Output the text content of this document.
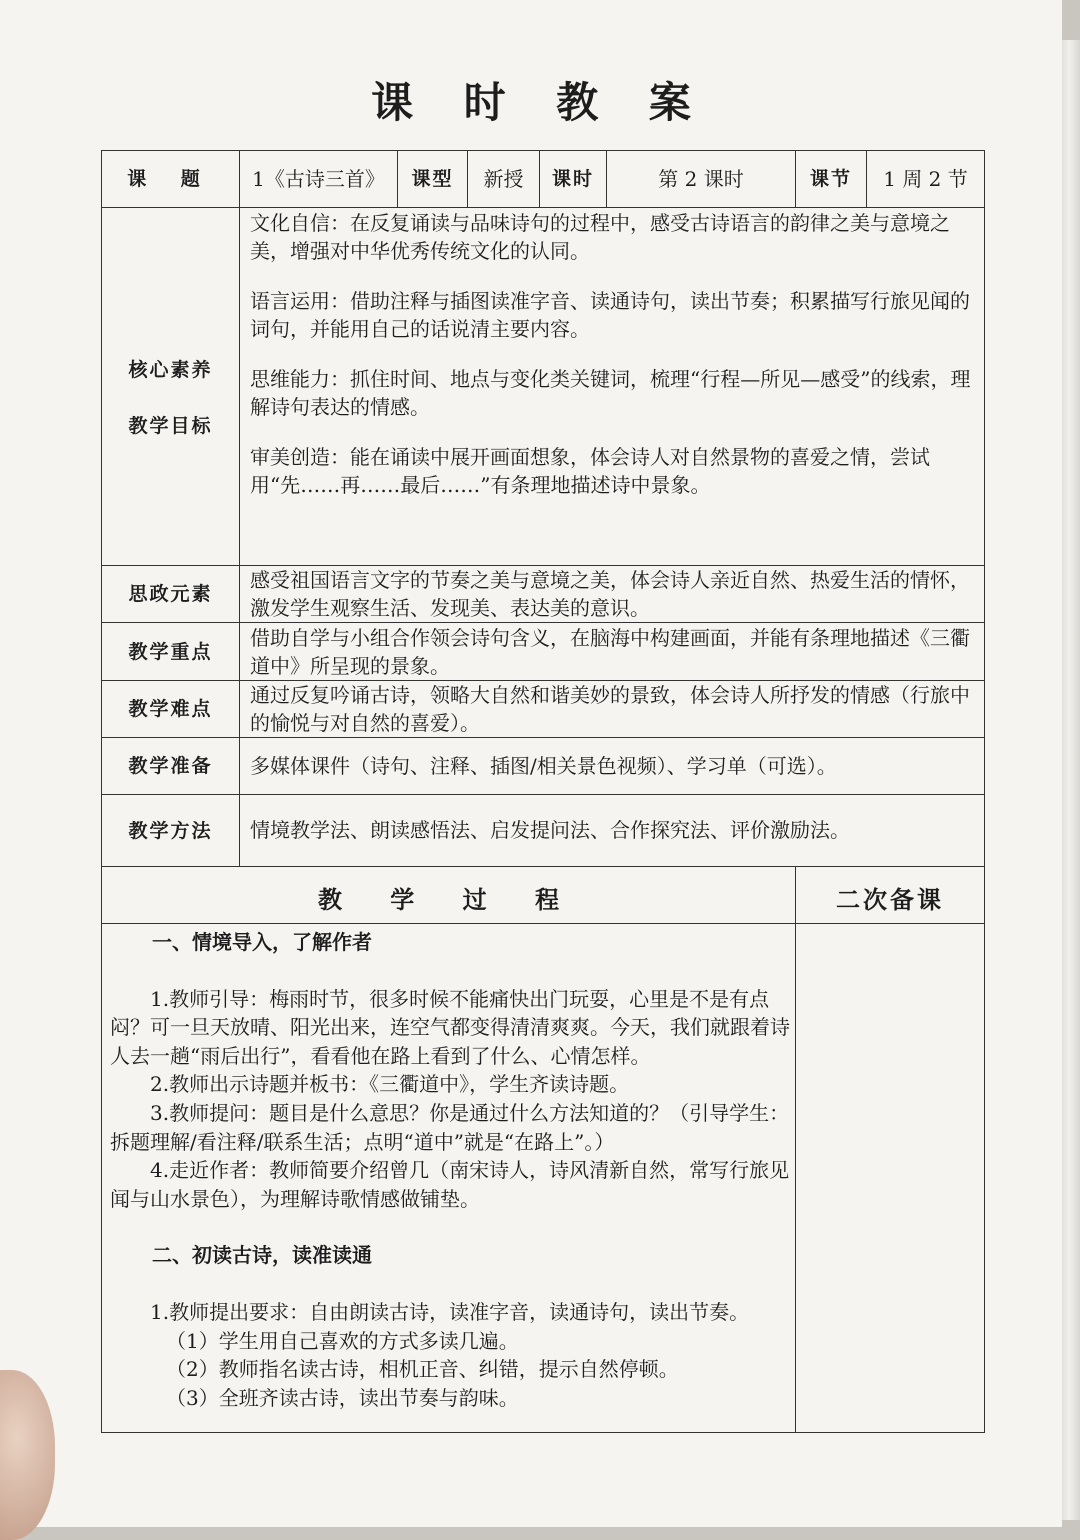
课 时 教 案
课 题	1《古诗三首》	课型	新授	课时	第 2 课时	课节	1 周 2 节
核心素养
教学目标

文化自信：在反复诵读与品味诗句的过程中，感受古诗语言的韵律之美与意境之美，增强对中华优秀传统文化的认同。

语言运用：借助注释与插图读准字音、读通诗句，读出节奏；积累描写行旅见闻的词句，并能用自己的话说清主要内容。

思维能力：抓住时间、地点与变化类关键词，梳理“行程—所见—感受”的线索，理解诗句表达的情感。

审美创造：能在诵读中展开画面想象，体会诗人对自然景物的喜爱之情，尝试用“先……再……最后……”有条理地描述诗中景象。

思政元素
感受祖国语言文字的节奏之美与意境之美，体会诗人亲近自然、热爱生活的情怀，激发学生观察生活、发现美、表达美的意识。
教学重点
借助自学与小组合作领会诗句含义，在脑海中构建画面，并能有条理地描述《三衢道中》所呈现的景象。
教学难点
通过反复吟诵古诗，领略大自然和谐美妙的景致，体会诗人所抒发的情感（行旅中的愉悦与对自然的喜爱）。
教学准备	多媒体课件（诗句、注释、插图/相关景色视频）、学习单（可选）。
教学方法	情境教学法、朗读感悟法、启发提问法、合作探究法、评价激励法。
教 学 过 程	二次备课
一、情境导入，了解作者
1.教师引导：梅雨时节，很多时候不能痛快出门玩耍，心里是不是有点闷？可一旦天放晴、阳光出来，连空气都变得清清爽爽。今天，我们就跟着诗人去一趟“雨后出行”，看看他在路上看到了什么、心情怎样。
2.教师出示诗题并板书：《三衢道中》，学生齐读诗题。
3.教师提问：题目是什么意思？你是通过什么方法知道的？（引导学生：拆题理解/看注释/联系生活；点明“道中”就是“在路上”。）
4.走近作者：教师简要介绍曾几（南宋诗人，诗风清新自然，常写行旅见闻与山水景色），为理解诗歌情感做铺垫。
二、初读古诗，读准读通
1.教师提出要求：自由朗读古诗，读准字音，读通诗句，读出节奏。
（1）学生用自己喜欢的方式多读几遍。
（2）教师指名读古诗，相机正音、纠错，提示自然停顿。
（3）全班齐读古诗，读出节奏与韵味。
